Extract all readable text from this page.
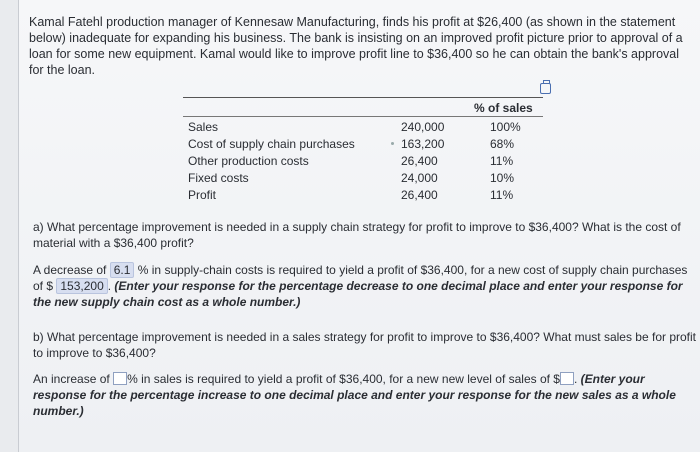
Kamal Fatehl production manager of Kennesaw Manufacturing, finds his profit at $26,400 (as shown in the statement below) inadequate for expanding his business. The bank is insisting on an improved profit picture prior to approval of a loan for some new equipment. Kamal would like to improve profit line to $36,400 so he can obtain the bank's approval for the loan.

% of sales
Sales	240,000	100%
Cost of supply chain purchases	163,200	68%
Other production costs	26,400	11%
Fixed costs	24,000	10%
Profit	26,400	11%

a) What percentage improvement is needed in a supply chain strategy for profit to improve to $36,400? What is the cost of material with a $36,400 profit?

A decrease of 6.1 % in supply-chain costs is required to yield a profit of $36,400, for a new cost of supply chain purchases of $ 153,200 . (Enter your response for the percentage decrease to one decimal place and enter your response for the new supply chain cost as a whole number.)

b) What percentage improvement is needed in a sales strategy for profit to improve to $36,400? What must sales be for profit to improve to $36,400?

An increase of % in sales is required to yield a profit of $36,400, for a new new level of sales of $ . (Enter your response for the percentage increase to one decimal place and enter your response for the new sales as a whole number.)
